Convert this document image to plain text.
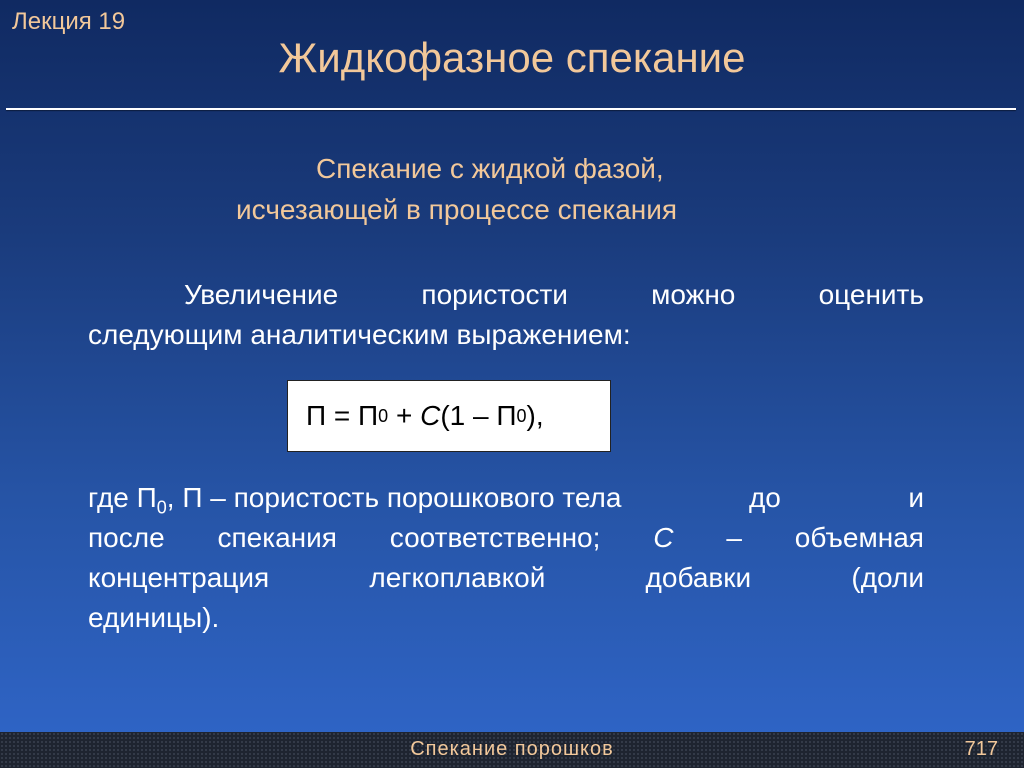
Лекция 19
Жидкофазное спекание
Спекание с жидкой фазой,
исчезающей в процессе спекания
Увеличение	пористости	можно	оценить
следующим аналитическим выражением:
П = П 0 + C (1 – П 0 ),
где $П_0$, П – пористость порошкового тела	до	и
после спекания соответственно; C – объемная
концентрация	легкоплавкой	добавки	(доли
единицы).
Спекание порошков	717
